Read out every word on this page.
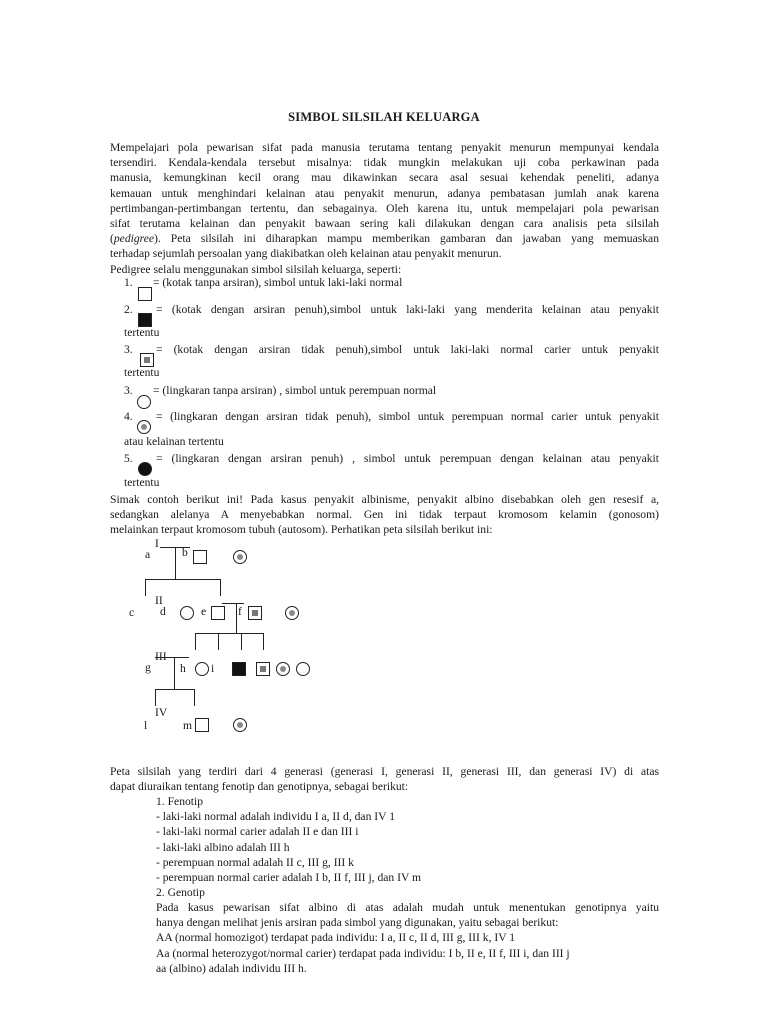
SIMBOL SILSILAH KELUARGA
Mempelajari pola pewarisan sifat pada manusia terutama tentang penyakit menurun mempunyai kendala
tersendiri. Kendala-kendala tersebut misalnya: tidak mungkin melakukan uji coba perkawinan pada
manusia, kemungkinan kecil orang mau dikawinkan secara asal sesuai kehendak peneliti, adanya
kemauan untuk menghindari kelainan atau penyakit menurun, adanya pembatasan jumlah anak karena
pertimbangan-pertimbangan tertentu, dan sebagainya. Oleh karena itu, untuk mempelajari pola pewarisan
sifat terutama kelainan dan penyakit bawaan sering kali dilakukan dengan cara analisis peta silsilah
(pedigree). Peta silsilah ini diharapkan mampu memberikan gambaran dan jawaban yang memuaskan
terhadap sejumlah persoalan yang diakibatkan oleh kelainan atau penyakit menurun.
Pedigree selalu menggunakan simbol silsilah keluarga, seperti:
1. = (kotak tanpa arsiran), simbol untuk laki-laki normal
2. = (kotak dengan arsiran penuh),simbol untuk laki-laki yang menderita kelainan atau penyakit
tertentu
3. = (kotak dengan arsiran tidak penuh),simbol untuk laki-laki normal carier untuk penyakit
tertentu
3. = (lingkaran tanpa arsiran) , simbol untuk perempuan normal
4. = (lingkaran dengan arsiran tidak penuh), simbol untuk perempuan normal carier untuk penyakit
atau kelainan tertentu
5. = (lingkaran dengan arsiran penuh) , simbol untuk perempuan dengan kelainan atau penyakit
tertentu
Simak contoh berikut ini! Pada kasus penyakit albinisme, penyakit albino disebabkan oleh gen resesif a,
sedangkan alelanya A menyebabkan normal. Gen ini tidak terpaut kromosom kelamin (gonosom)
melainkan terpaut kromosom tubuh (autosom). Perhatikan peta silsilah berikut ini:
I
a	b
II
c d	e	f
g	h i
IV
l	m
Peta silsilah yang terdiri dari 4 generasi (generasi I, generasi II, generasi III, dan generasi IV) di atas
dapat diuraikan tentang fenotip dan genotipnya, sebagai berikut:
1. Fenotip
- laki-laki normal adalah individu I a, II d, dan IV 1
- laki-laki normal carier adalah II e dan III i
- laki-laki albino adalah III h
- perempuan normal adalah II c, III g, III k
- perempuan normal carier adalah I b, II f, III j, dan IV m
2. Genotip
Pada kasus pewarisan sifat albino di atas adalah mudah untuk menentukan genotipnya yaitu
hanya dengan melihat jenis arsiran pada simbol yang digunakan, yaitu sebagai berikut:
AA (normal homozigot) terdapat pada individu: I a, II c, II d, III g, III k, IV 1
Aa (normal heterozygot/normal carier) terdapat pada individu: I b, II e, II f, III i, dan III j
aa (albino) adalah individu III h.
